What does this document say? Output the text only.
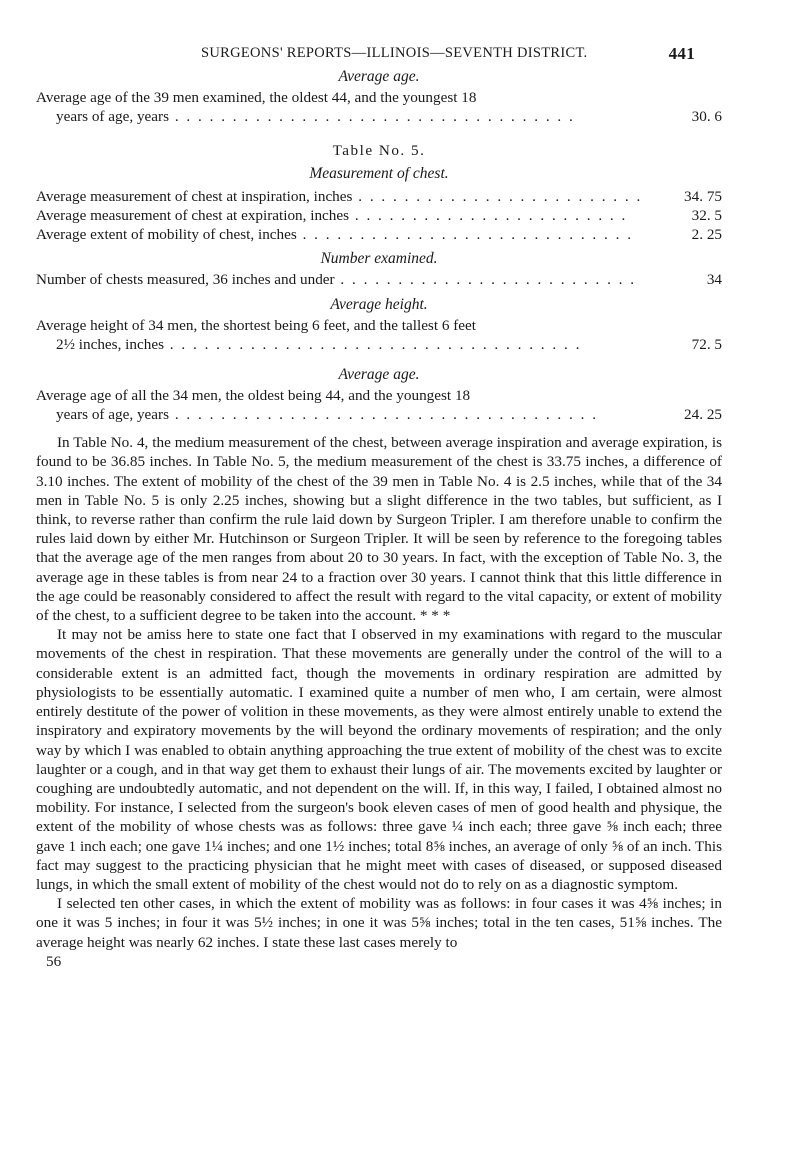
SURGEONS' REPORTS—ILLINOIS—SEVENTH DISTRICT.	441
Average age.
Average age of the 39 men examined, the oldest 44, and the youngest 18
years of age, years . . . . . . . . . . . . . . . . . . . . . . . . . . . . . . . . . . .	30. 6
Table No. 5.
Measurement of chest.
Average measurement of chest at inspiration, inches . . . . . . . . . . . . . . . . . . . . . . . . .	34. 75
Average measurement of chest at expiration, inches . . . . . . . . . . . . . . . . . . . . . . . .	32. 5
Average extent of mobility of chest, inches . . . . . . . . . . . . . . . . . . . . . . . . . . . . .	2. 25
Number examined.
Number of chests measured, 36 inches and under . . . . . . . . . . . . . . . . . . . . . . . . . .	34
Average height.
Average height of 34 men, the shortest being 6 feet, and the tallest 6 feet
2½ inches, inches . . . . . . . . . . . . . . . . . . . . . . . . . . . . . . . . . . . .	72. 5
Average age.
Average age of all the 34 men, the oldest being 44, and the youngest 18
years of age, years . . . . . . . . . . . . . . . . . . . . . . . . . . . . . . . . . . . . .	24. 25

In Table No. 4, the medium measurement of the chest, between average inspiration and average expiration, is found to be 36.85 inches. In Table No. 5, the medium measurement of the chest is 33.75 inches, a difference of 3.10 inches. The extent of mobility of the chest of the 39 men in Table No. 4 is 2.5 inches, while that of the 34 men in Table No. 5 is only 2.25 inches, showing but a slight difference in the two tables, but sufficient, as I think, to reverse rather than confirm the rule laid down by Surgeon Tripler. I am therefore unable to confirm the rules laid down by either Mr. Hutchinson or Surgeon Tripler. It will be seen by reference to the foregoing tables that the average age of the men ranges from about 20 to 30 years. In fact, with the exception of Table No. 3, the average age in these tables is from near 24 to a fraction over 30 years. I cannot think that this little difference in the age could be reasonably considered to affect the result with regard to the vital capacity, or extent of mobility of the chest, to a sufficient degree to be taken into the account. * * *

It may not be amiss here to state one fact that I observed in my examinations with regard to the muscular movements of the chest in respiration. That these movements are generally under the control of the will to a considerable extent is an admitted fact, though the movements in ordinary respiration are admitted by physiologists to be essentially automatic. I examined quite a number of men who, I am certain, were almost entirely destitute of the power of volition in these movements, as they were almost entirely unable to extend the inspiratory and expiratory movements by the will beyond the ordinary movements of respiration; and the only way by which I was enabled to obtain anything approaching the true extent of mobility of the chest was to excite laughter or a cough, and in that way get them to exhaust their lungs of air. The movements excited by laughter or coughing are undoubtedly automatic, and not dependent on the will. If, in this way, I failed, I obtained almost no mobility. For instance, I selected from the surgeon's book eleven cases of men of good health and physique, the extent of the mobility of whose chests was as follows: three gave ¼ inch each; three gave ⅝ inch each; three gave 1 inch each; one gave 1¼ inches; and one 1½ inches; total 8⅝ inches, an average of only ⅝ of an inch. This fact may suggest to the practicing physician that he might meet with cases of diseased, or supposed diseased lungs, in which the small extent of mobility of the chest would not do to rely on as a diagnostic symptom.

I selected ten other cases, in which the extent of mobility was as follows: in four cases it was 4⅝ inches; in one it was 5 inches; in four it was 5½ inches; in one it was 5⅝ inches; total in the ten cases, 51⅝ inches. The average height was nearly 62 inches. I state these last cases merely to

56
